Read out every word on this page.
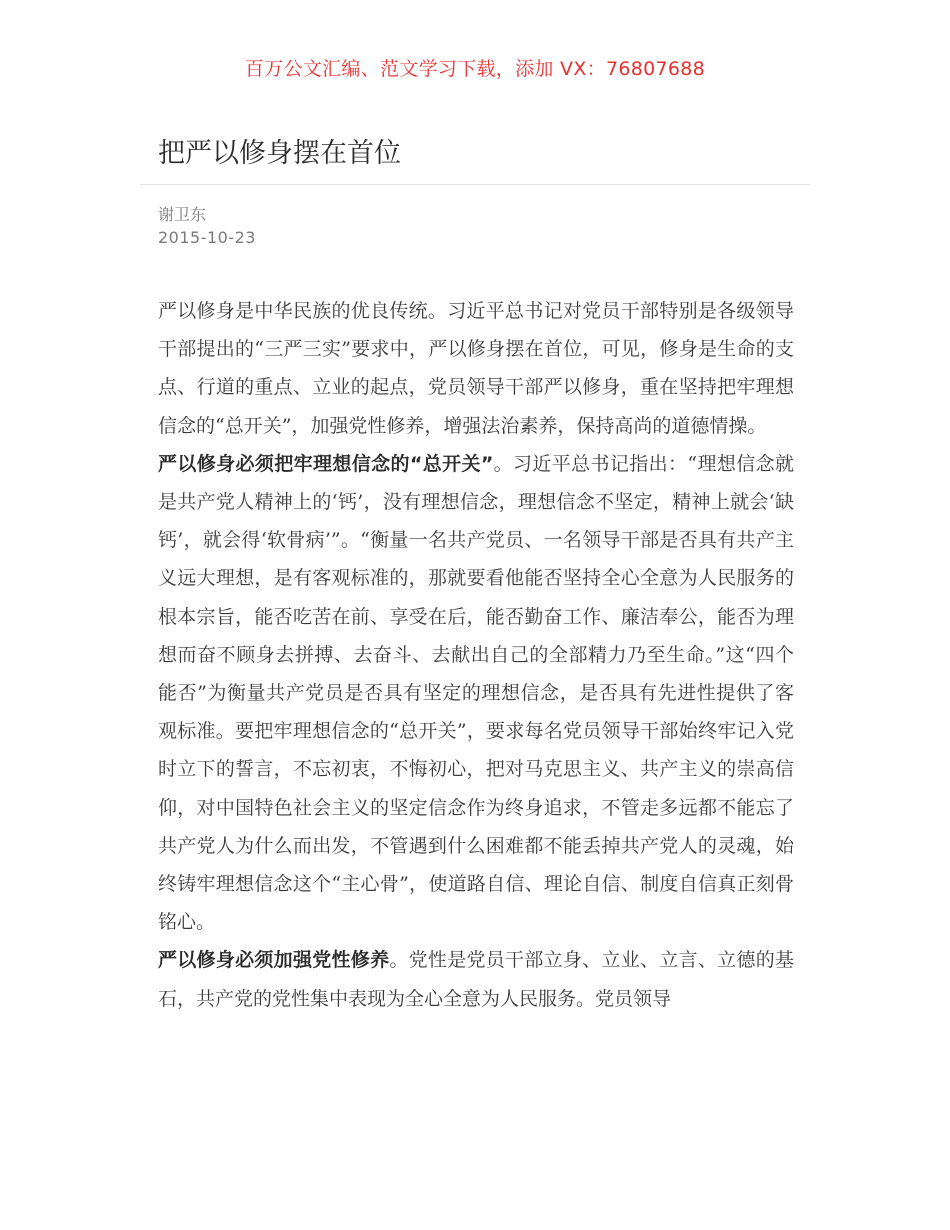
百万公文汇编、范文学习下载，添加 VX：76807688
把严以修身摆在首位
谢卫东
2015-10-23

严以修身是中华民族的优良传统。习近平总书记对党员干部特别是各级领导干部提出的“三严三实”要求中，严以修身摆在首位，可见，修身是生命的支点、行道的重点、立业的起点，党员领导干部严以修身，重在坚持把牢理想信念的“总开关”，加强党性修养，增强法治素养，保持高尚的道德情操。

严以修身必须把牢理想信念的“总开关”。习近平总书记指出：“理想信念就是共产党人精神上的‘钙’，没有理想信念，理想信念不坚定，精神上就会‘缺钙’，就会得‘软骨病’”。“衡量一名共产党员、一名领导干部是否具有共产主义远大理想，是有客观标准的，那就要看他能否坚持全心全意为人民服务的根本宗旨，能否吃苦在前、享受在后，能否勤奋工作、廉洁奉公，能否为理想而奋不顾身去拼搏、去奋斗、去献出自己的全部精力乃至生命。”这“四个能否”为衡量共产党员是否具有坚定的理想信念，是否具有先进性提供了客观标准。要把牢理想信念的“总开关”，要求每名党员领导干部始终牢记入党时立下的誓言，不忘初衷，不悔初心，把对马克思主义、共产主义的崇高信仰，对中国特色社会主义的坚定信念作为终身追求，不管走多远都不能忘了共产党人为什么而出发，不管遇到什么困难都不能丢掉共产党人的灵魂，始终铸牢理想信念这个“主心骨”，使道路自信、理论自信、制度自信真正刻骨铭心。

严以修身必须加强党性修养。党性是党员干部立身、立业、立言、立德的基石，共产党的党性集中表现为全心全意为人民服务。党员领导
